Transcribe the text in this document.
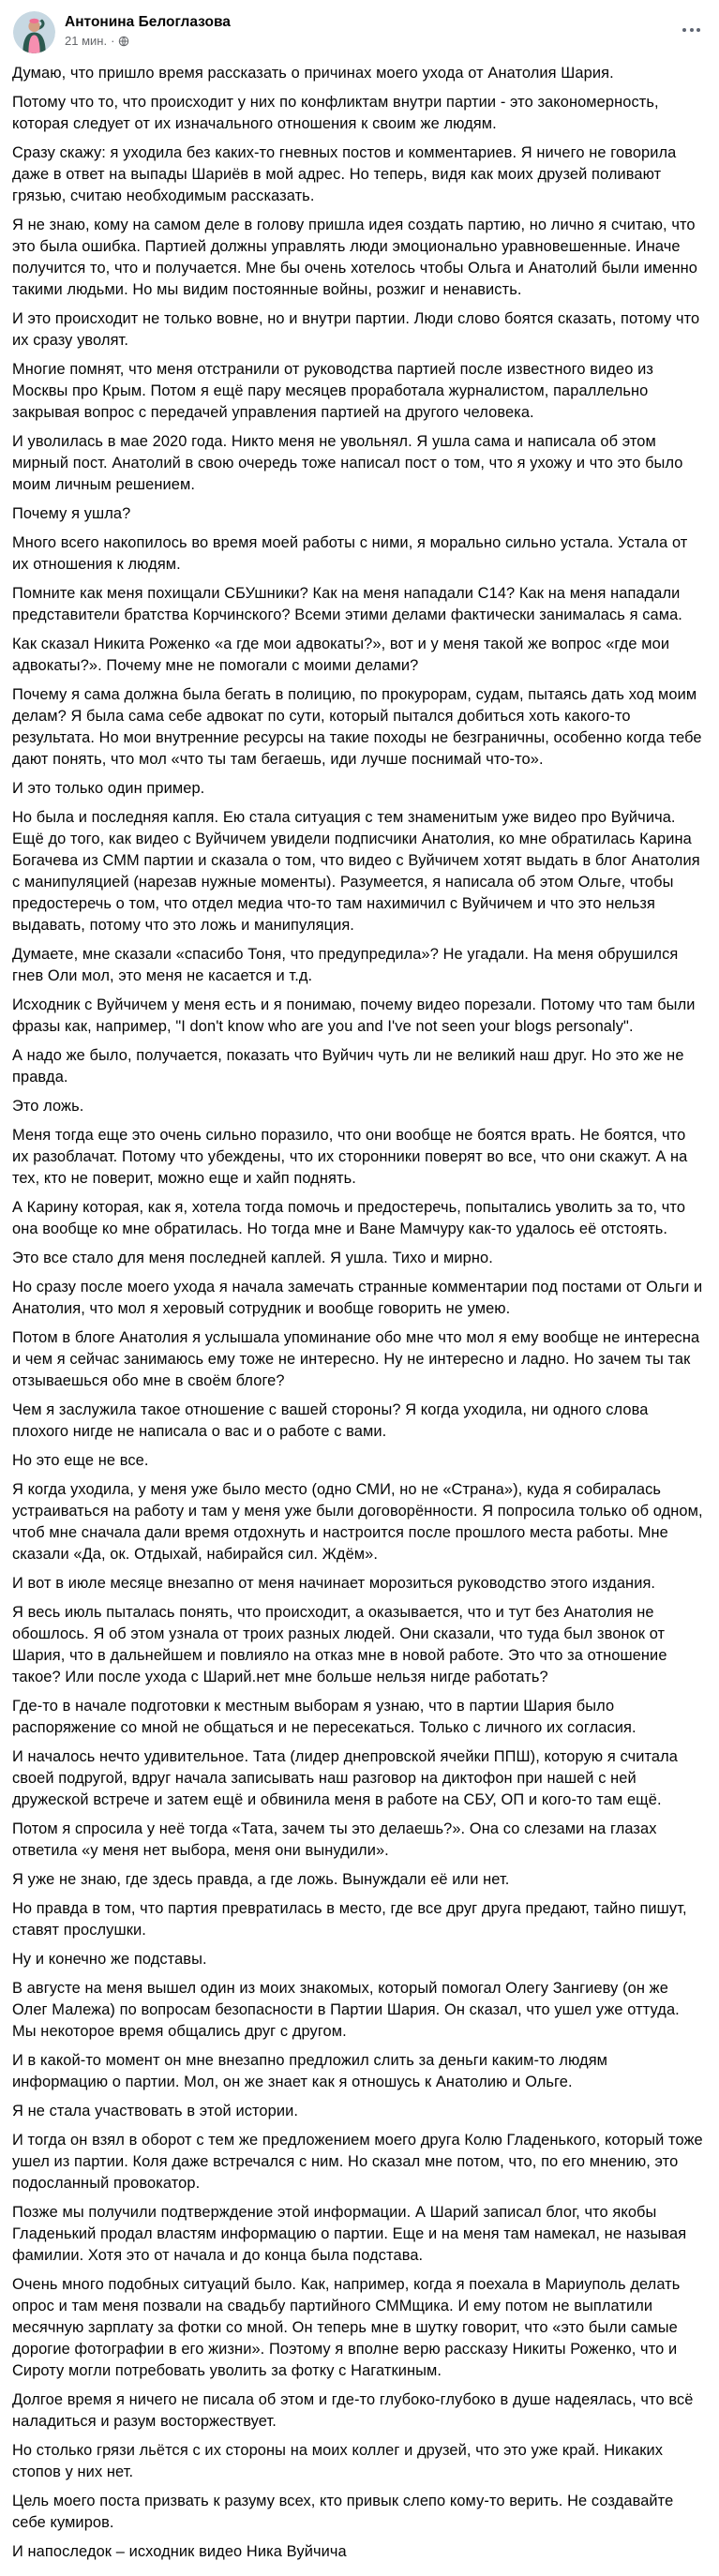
Антонина Белоглазова
21 мин. ·

Думаю, что пришло время рассказать о причинах моего ухода от Анатолия Шария.

Потому что то, что происходит у них по конфликтам внутри партии - это закономерность, которая следует от их изначального отношения к своим же людям.

Сразу скажу: я уходила без каких-то гневных постов и комментариев. Я ничего не говорила даже в ответ на выпады Шариёв в мой адрес. Но теперь, видя как моих друзей поливают грязью, считаю необходимым рассказать.

Я не знаю, кому на самом деле в голову пришла идея создать партию, но лично я считаю, что это была ошибка. Партией должны управлять люди эмоционально уравновешенные. Иначе получится то, что и получается. Мне бы очень хотелось чтобы Ольга и Анатолий были именно такими людьми. Но мы видим постоянные войны, розжиг и ненависть.

И это происходит не только вовне, но и внутри партии. Люди слово боятся сказать, потому что их сразу уволят.

Многие помнят, что меня отстранили от руководства партией после известного видео из Москвы про Крым. Потом я ещё пару месяцев проработала журналистом, параллельно закрывая вопрос с передачей управления партией на другого человека.

И уволилась в мае 2020 года. Никто меня не увольнял. Я ушла сама и написала об этом мирный пост. Анатолий в свою очередь тоже написал пост о том, что я ухожу и что это было моим личным решением.

Почему я ушла?

Много всего накопилось во время моей работы с ними, я морально сильно устала. Устала от их отношения к людям.

Помните как меня похищали СБУшники? Как на меня нападали С14? Как на меня нападали представители братства Корчинского? Всеми этими делами фактически занималась я сама.

Как сказал Никита Роженко «а где мои адвокаты?», вот и у меня такой же вопрос «где мои адвокаты?». Почему мне не помогали с моими делами?

Почему я сама должна была бегать в полицию, по прокурорам, судам, пытаясь дать ход моим делам? Я была сама себе адвокат по сути, который пытался добиться хоть какого-то результата. Но мои внутренние ресурсы на такие походы не безграничны, особенно когда тебе дают понять, что мол «что ты там бегаешь, иди лучше поснимай что-то».

И это только один пример.

Но была и последняя капля. Ею стала ситуация с тем знаменитым уже видео про Вуйчича. Ещё до того, как видео с Вуйчичем увидели подписчики Анатолия, ко мне обратилась Карина Богачева из СММ партии и сказала о том, что видео с Вуйчичем хотят выдать в блог Анатолия с манипуляцией (нарезав нужные моменты). Разумеется, я написала об этом Ольге, чтобы предостеречь о том, что отдел медиа что-то там нахимичил с Вуйчичем и что это нельзя выдавать, потому что это ложь и манипуляция.

Думаете, мне сказали «спасибо Тоня, что предупредила»? Не угадали. На меня обрушился гнев Оли мол, это меня не касается и т.д.

Исходник с Вуйчичем у меня есть и я понимаю, почему видео порезали. Потому что там были фразы как, например, "I don't know who are you and I've not seen your blogs personaly".

А надо же было, получается, показать что Вуйчич чуть ли не великий наш друг. Но это же не правда.

Это ложь.

Меня тогда еще это очень сильно поразило, что они вообще не боятся врать. Не боятся, что их разоблачат. Потому что убеждены, что их сторонники поверят во все, что они скажут. А на тех, кто не поверит, можно еще и хайп поднять.

А Карину которая, как я, хотела тогда помочь и предостеречь, попытались уволить за то, что она вообще ко мне обратилась. Но тогда мне и Ване Мамчуру как-то удалось её отстоять.

Это все стало для меня последней каплей. Я ушла. Тихо и мирно.

Но сразу после моего ухода я начала замечать странные комментарии под постами от Ольги и Анатолия, что мол я херовый сотрудник и вообще говорить не умею.

Потом в блоге Анатолия я услышала упоминание обо мне что мол я ему вообще не интересна и чем я сейчас занимаюсь ему тоже не интересно. Ну не интересно и ладно. Но зачем ты так отзываешься обо мне в своём блоге?

Чем я заслужила такое отношение с вашей стороны? Я когда уходила, ни одного слова плохого нигде не написала о вас и о работе с вами.

Но это еще не все.

Я когда уходила, у меня уже было место (одно СМИ, но не «Страна»), куда я собиралась устраиваться на работу и там у меня уже были договорённости. Я попросила только об одном, чтоб мне сначала дали время отдохнуть и настроится после прошлого места работы. Мне сказали «Да, ок. Отдыхай, набирайся сил. Ждём».

И вот в июле месяце внезапно от меня начинает морозиться руководство этого издания.

Я весь июль пыталась понять, что происходит, а оказывается, что и тут без Анатолия не обошлось. Я об этом узнала от троих разных людей. Они сказали, что туда был звонок от Шария, что в дальнейшем и повлияло на отказ мне в новой работе. Это что за отношение такое? Или после ухода с Шарий.нет мне больше нельзя нигде работать?

Где-то в начале подготовки к местным выборам я узнаю, что в партии Шария было распоряжение со мной не общаться и не пересекаться. Только с личного их согласия.

И началось нечто удивительное. Тата (лидер днепровской ячейки ППШ), которую я считала своей подругой, вдруг начала записывать наш разговор на диктофон при нашей с ней дружеской встрече и затем ещё и обвинила меня в работе на СБУ, ОП и кого-то там ещё.

Потом я спросила у неё тогда «Тата, зачем ты это делаешь?». Она со слезами на глазах ответила «у меня нет выбора, меня они вынудили».

Я уже не знаю, где здесь правда, а где ложь. Вынуждали её или нет.

Но правда в том, что партия превратилась в место, где все друг друга предают, тайно пишут, ставят прослушки.

Ну и конечно же подставы.

В августе на меня вышел один из моих знакомых, который помогал Олегу Зангиеву (он же Олег Малежа) по вопросам безопасности в Партии Шария. Он сказал, что ушел уже оттуда. Мы некоторое время общались друг с другом.

И в какой-то момент он мне внезапно предложил слить за деньги каким-то людям информацию о партии. Мол, он же знает как я отношусь к Анатолию и Ольге.

Я не стала участвовать в этой истории.

И тогда он взял в оборот с тем же предложением моего друга Колю Гладенького, который тоже ушел из партии. Коля даже встречался с ним. Но сказал мне потом, что, по его мнению, это подосланный провокатор.

Позже мы получили подтверждение этой информации. А Шарий записал блог, что якобы Гладенький продал властям информацию о партии. Еще и на меня там намекал, не называя фамилии. Хотя это от начала и до конца была подстава.

Очень много подобных ситуаций было. Как, например, когда я поехала в Мариуполь делать опрос и там меня позвали на свадьбу партийного СММщика. И ему потом не выплатили месячную зарплату за фотки со мной. Он теперь мне в шутку говорит, что «это были самые дорогие фотографии в его жизни». Поэтому я вполне верю рассказу Никиты Роженко, что и Сироту могли потребовать уволить за фотку с Нагаткиным.

Долгое время я ничего не писала об этом и где-то глубоко-глубоко в душе надеялась, что всё наладиться и разум восторжествует.

Но столько грязи льётся с их стороны на моих коллег и друзей, что это уже край. Никаких стопов у них нет.

Цель моего поста призвать к разуму всех, кто привык слепо кому-то верить. Не создавайте себе кумиров.

И напоследок – исходник видео Ника Вуйчича
